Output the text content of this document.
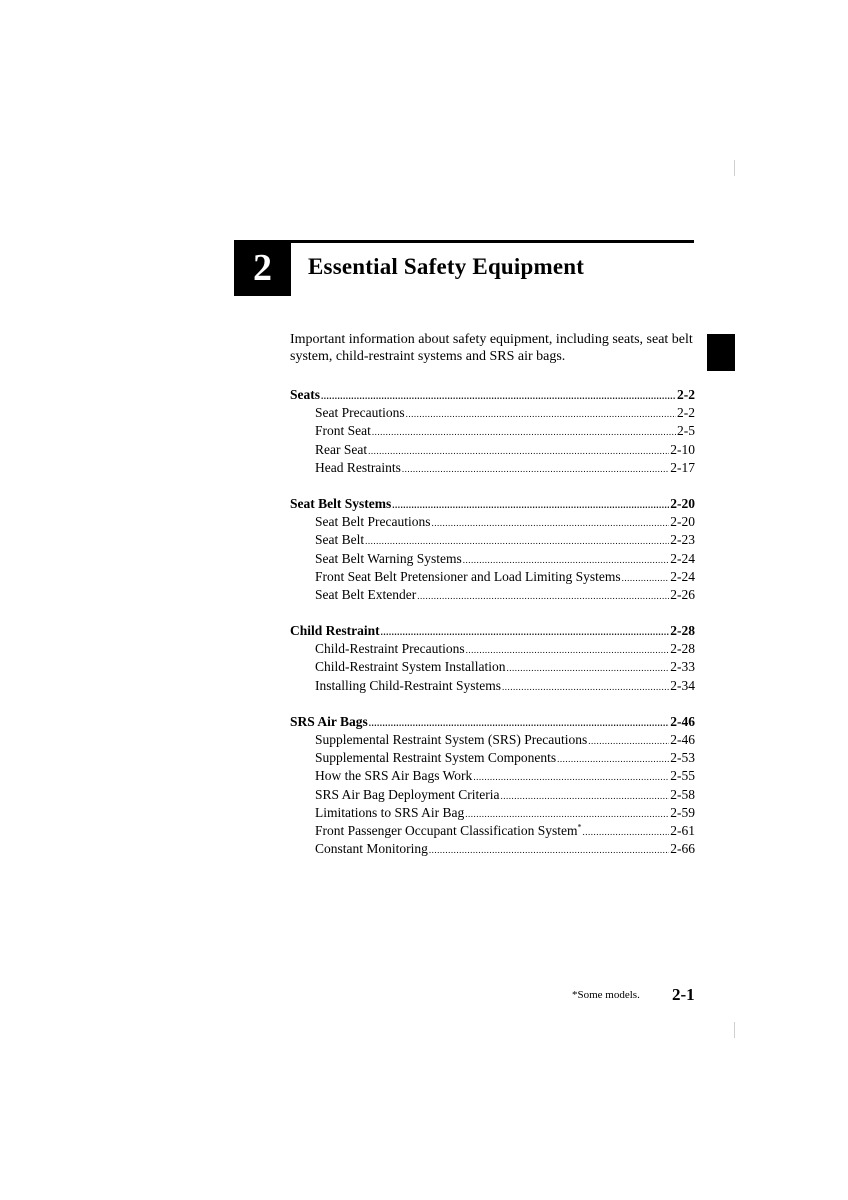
2	Essential Safety Equipment
Important information about safety equipment, including seats, seat belt system, child-restraint systems and SRS air bags.
Seats .....	2-2
Seat Precautions .....	2-2
Front Seat .....	2-5
Rear Seat .....	2-10
Head Restraints .....	2-17
Seat Belt Systems .....	2-20
Seat Belt Precautions .....	2-20
Seat Belt .....	2-23
Seat Belt Warning Systems .....	2-24
Front Seat Belt Pretensioner and Load Limiting Systems .....	2-24
Seat Belt Extender .....	2-26
Child Restraint .....	2-28
Child-Restraint Precautions .....	2-28
Child-Restraint System Installation .....	2-33
Installing Child-Restraint Systems .....	2-34
SRS Air Bags .....	2-46
Supplemental Restraint System (SRS) Precautions .....	2-46
Supplemental Restraint System Components .....	2-53
How the SRS Air Bags Work .....	2-55
SRS Air Bag Deployment Criteria .....	2-58
Limitations to SRS Air Bag .....	2-59
Front Passenger Occupant Classification System* .....	2-61
Constant Monitoring .....	2-66
*Some models. 2-1
